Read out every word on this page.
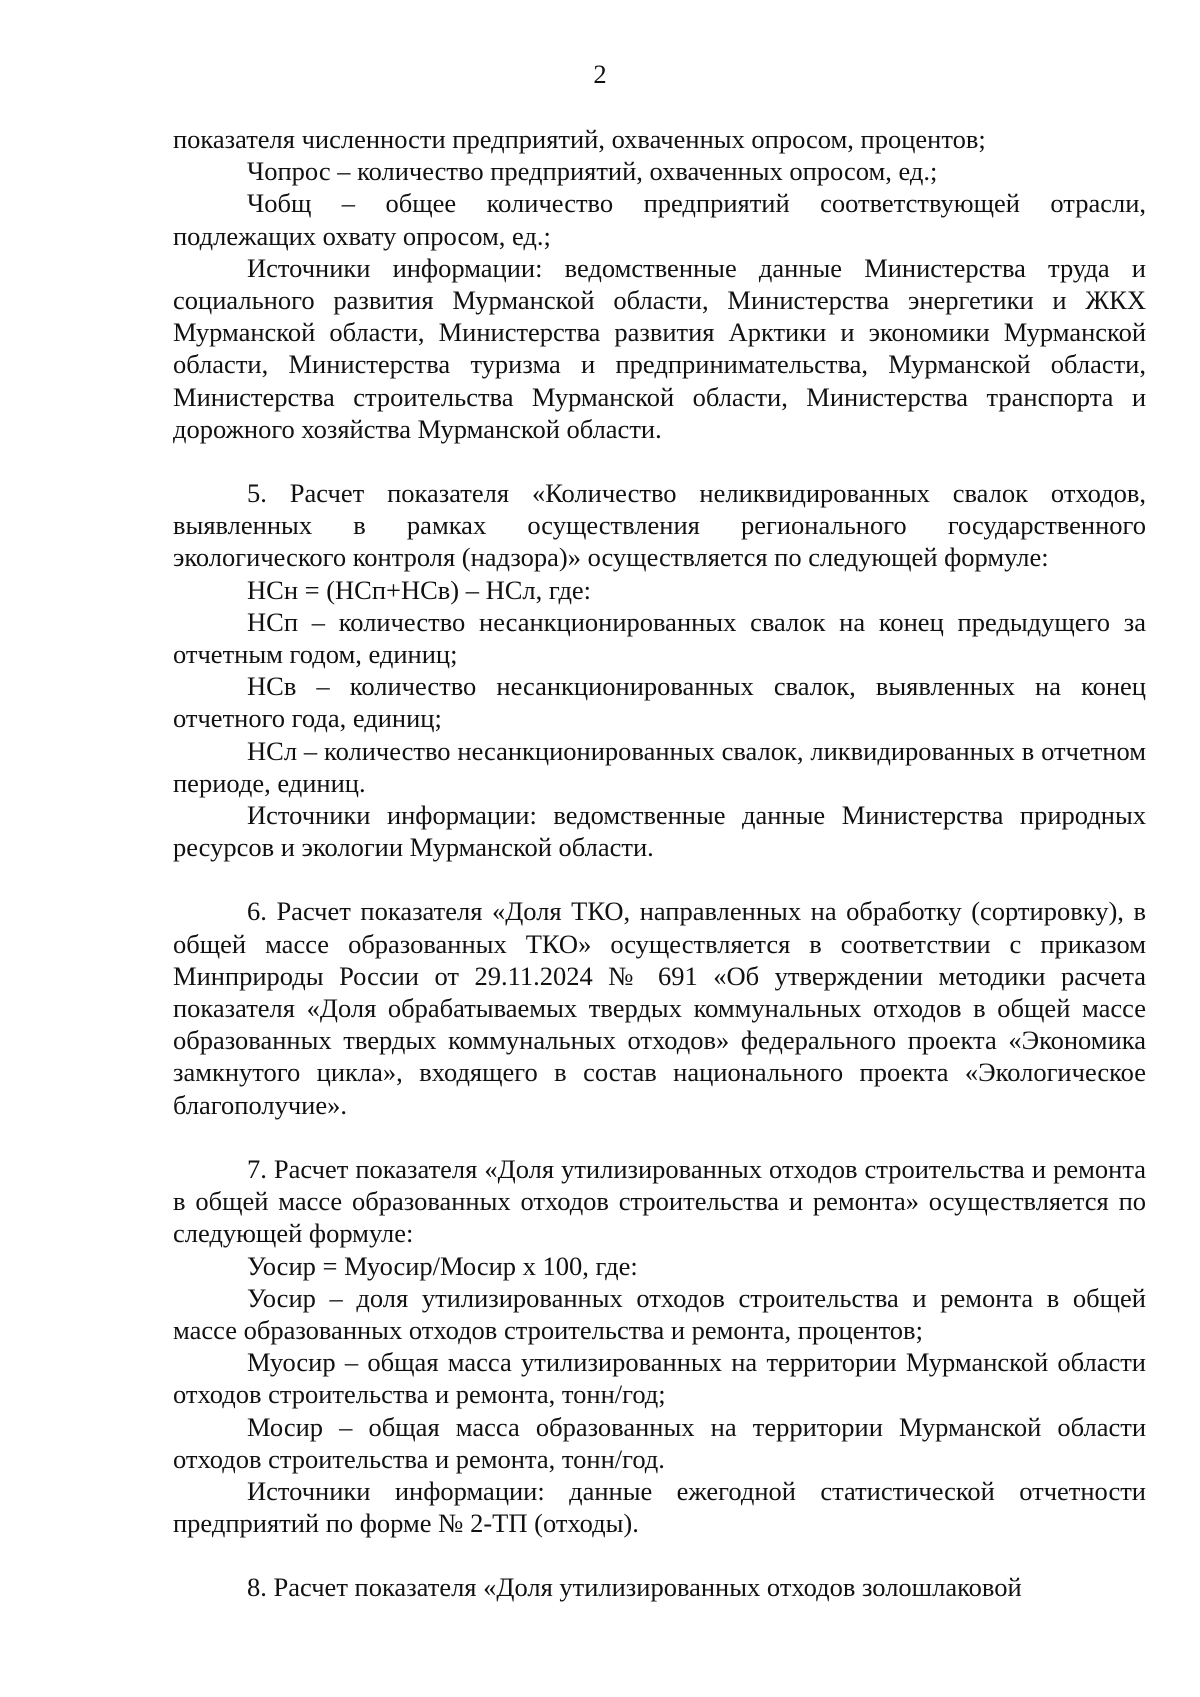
2

показателя численности предприятий, охваченных опросом, процентов;

Чопрос – количество предприятий, охваченных опросом, ед.;

Чобщ – общее количество предприятий соответствующей отрасли, подлежащих охвату опросом, ед.;

Источники информации: ведомственные данные Министерства труда и социального развития Мурманской области, Министерства энергетики и ЖКХ Мурманской области, Министерства развития Арктики и экономики Мурманской области, Министерства туризма и предпринимательства, Мурманской области, Министерства строительства Мурманской области, Министерства транспорта и дорожного хозяйства Мурманской области.

5. Расчет показателя «Количество неликвидированных свалок отходов, выявленных в рамках осуществления регионального государственного экологического контроля (надзора)» осуществляется по следующей формуле:

НСн = (НСп+НСв) – НСл, где:

НСп – количество несанкционированных свалок на конец предыдущего за отчетным годом, единиц;

НСв – количество несанкционированных свалок, выявленных на конец отчетного года, единиц;

НСл – количество несанкционированных свалок, ликвидированных в отчетном периоде, единиц.

Источники информации: ведомственные данные Министерства природных ресурсов и экологии Мурманской области.

6. Расчет показателя «Доля ТКО, направленных на обработку (сортировку), в общей массе образованных ТКО» осуществляется в соответствии с приказом Минприроды России от 29.11.2024 № 691 «Об утверждении методики расчета показателя «Доля обрабатываемых твердых коммунальных отходов в общей массе образованных твердых коммунальных отходов» федерального проекта «Экономика замкнутого цикла», входящего в состав национального проекта «Экологическое благополучие».

7. Расчет показателя «Доля утилизированных отходов строительства и ремонта в общей массе образованных отходов строительства и ремонта» осуществляется по следующей формуле:

Уосир = Муосир/Мосир х 100, где:

Уосир – доля утилизированных отходов строительства и ремонта в общей массе образованных отходов строительства и ремонта, процентов;

Муосир – общая масса утилизированных на территории Мурманской области отходов строительства и ремонта, тонн/год;

Мосир – общая масса образованных на территории Мурманской области отходов строительства и ремонта, тонн/год.

Источники информации: данные ежегодной статистической отчетности предприятий по форме № 2-ТП (отходы).

8. Расчет показателя «Доля утилизированных отходов золошлаковой
